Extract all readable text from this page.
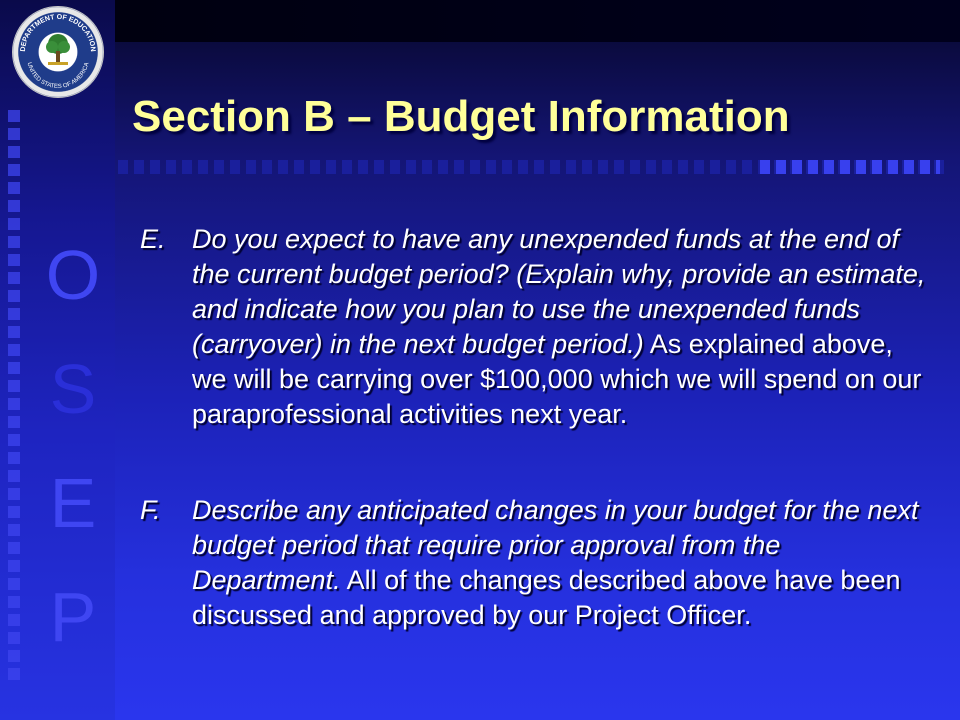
O
S
E
P
DEPARTMENT OF EDUCATION
UNITED STATES OF AMERICA
Section B – Budget Information
E. Do you expect to have any unexpended funds at the end of the current budget period? (Explain why, provide an estimate, and indicate how you plan to use the unexpended funds (carryover) in the next budget period.) As explained above, we will be carrying over $100,000 which we will spend on our paraprofessional activities next year.
F. Describe any anticipated changes in your budget for the next budget period that require prior approval from the Department. All of the changes described above have been discussed and approved by our Project Officer.
